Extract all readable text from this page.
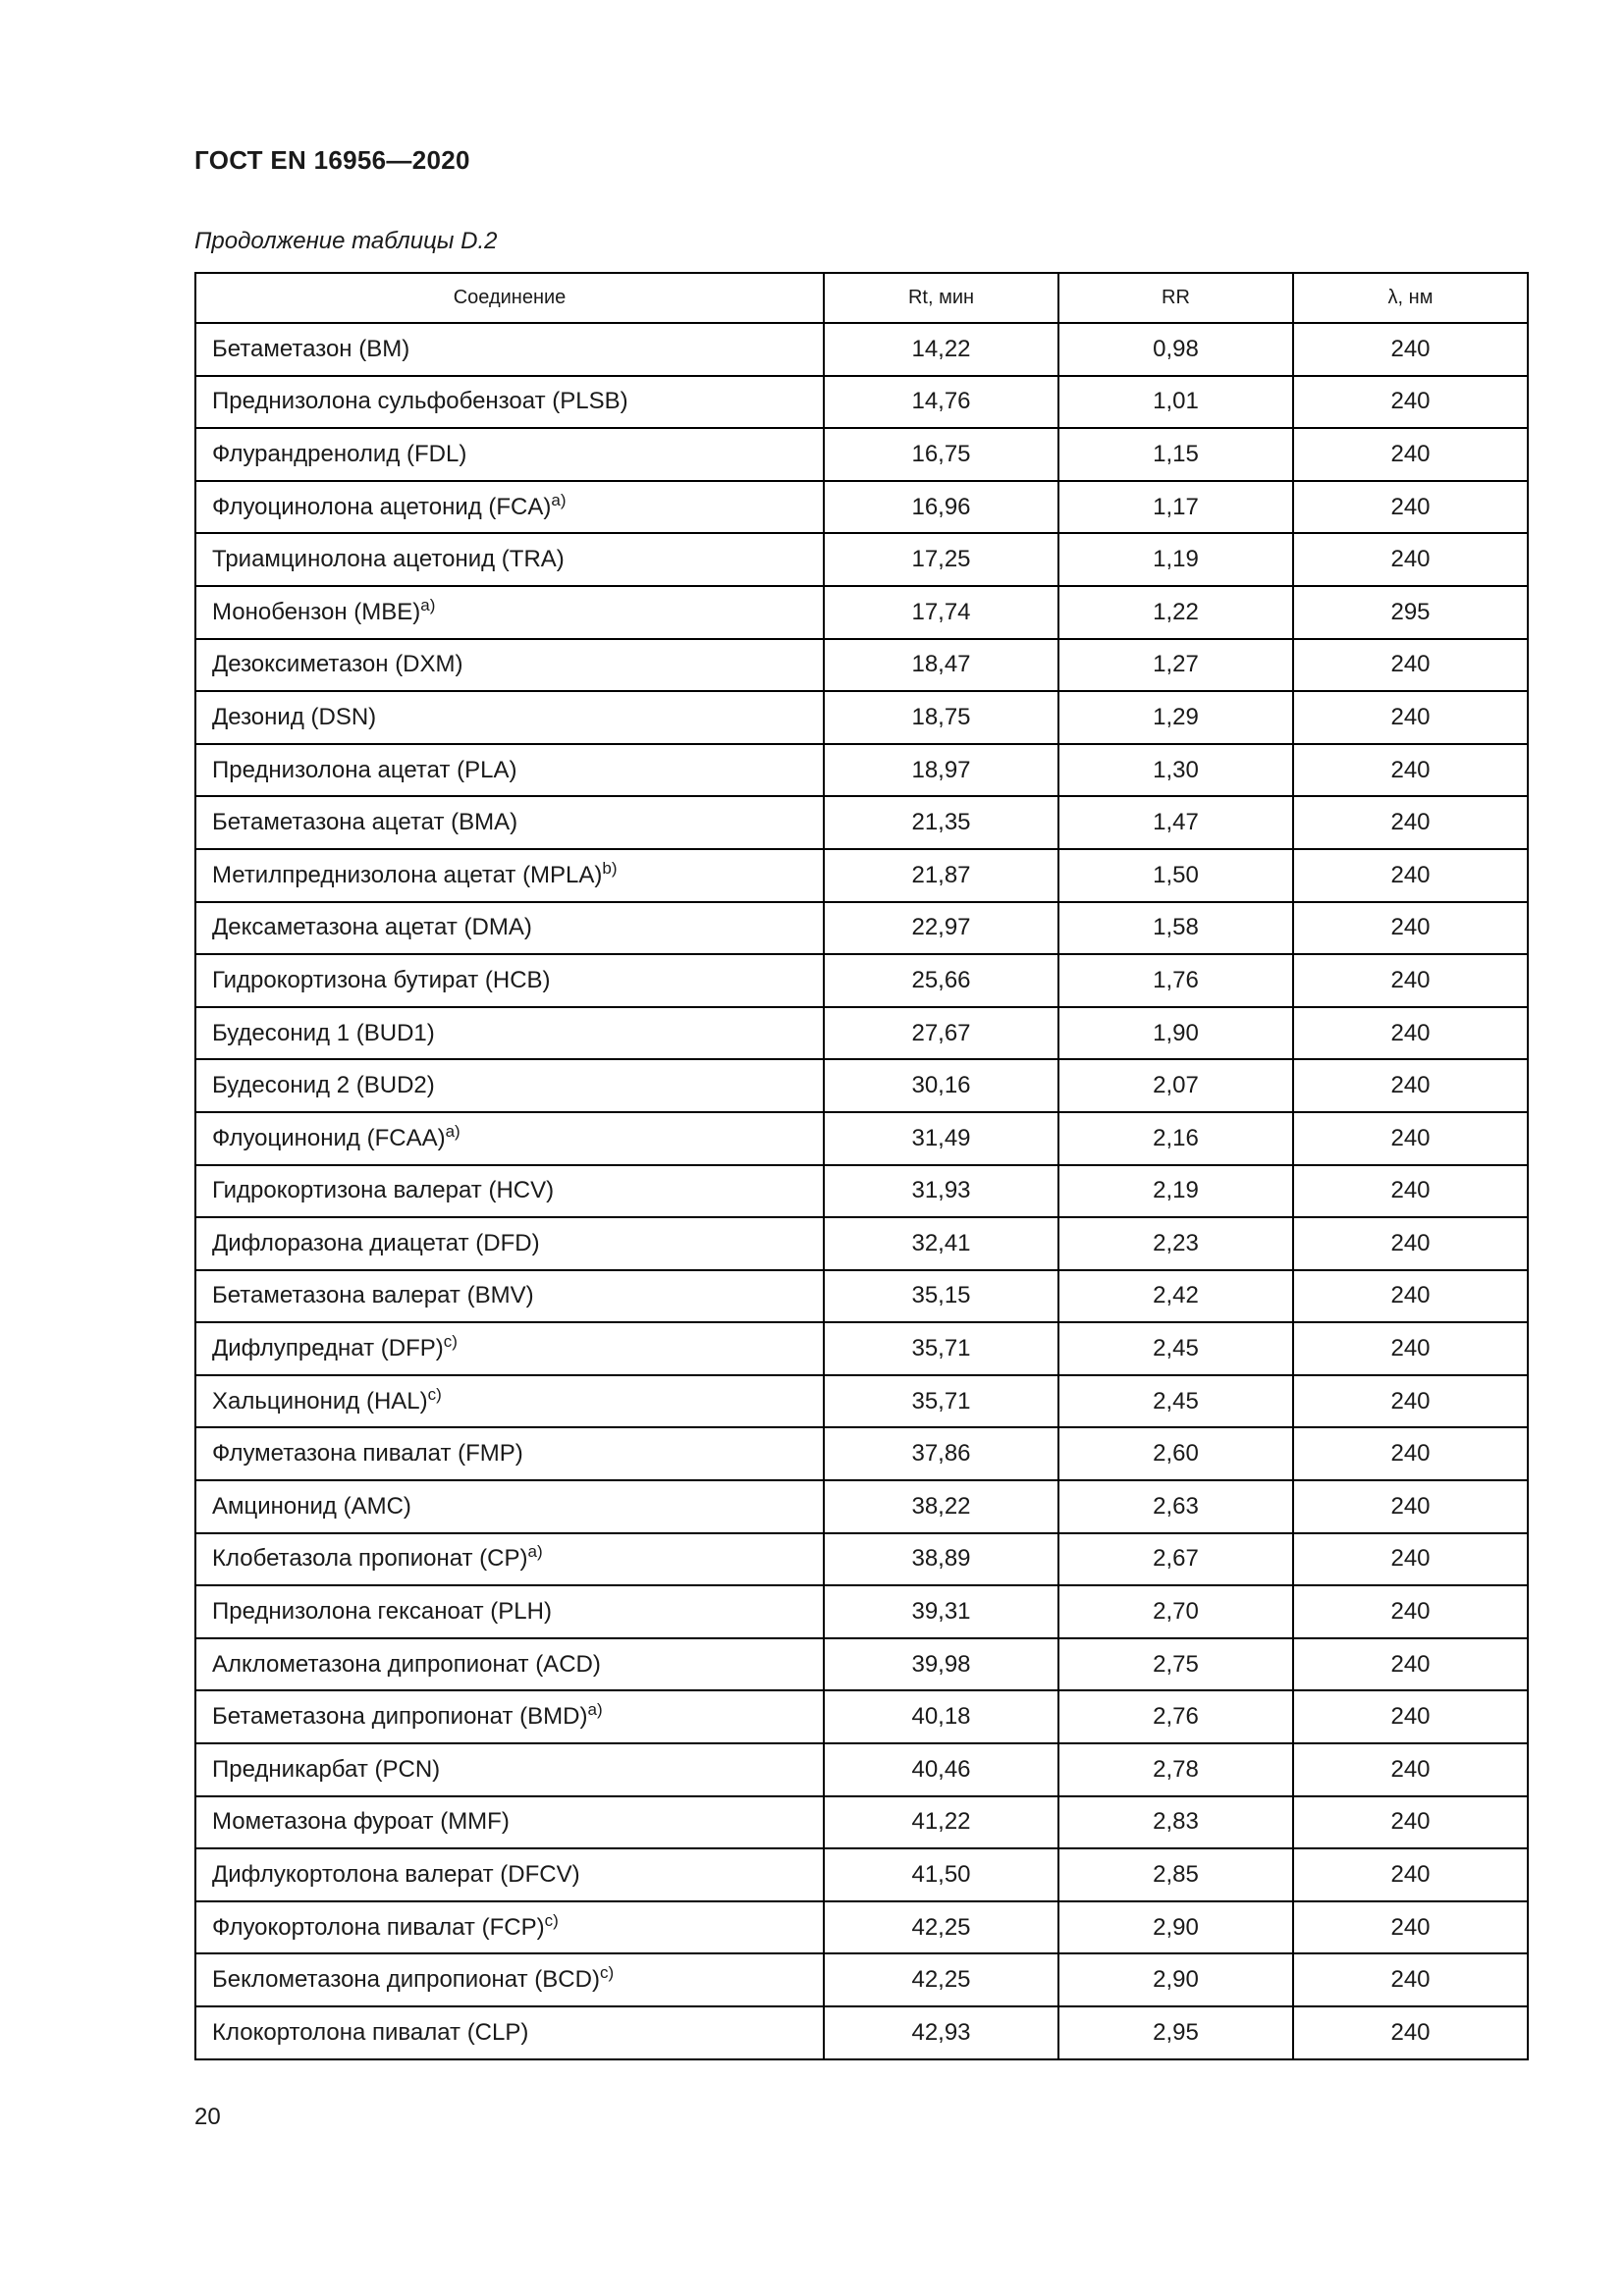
ГОСТ EN 16956—2020
Продолжение таблицы D.2
Соединение	Rt, мин	RR	λ, нм
Бетаметазон (BM)	14,22	0,98	240
Преднизолона сульфобензоат (PLSB)	14,76	1,01	240
Флурандренолид (FDL)	16,75	1,15	240
Флуоцинолона ацетонид (FCA)$^{a)}$	16,96	1,17	240
Триамцинолона ацетонид (TRA)	17,25	1,19	240
Монобензон (MBE)$^{a)}$	17,74	1,22	295
Дезоксиметазон (DXM)	18,47	1,27	240
Дезонид (DSN)	18,75	1,29	240
Преднизолона ацетат (PLA)	18,97	1,30	240
Бетаметазона ацетат (BMA)	21,35	1,47	240
Метилпреднизолона ацетат (MPLA)$^{b)}$	21,87	1,50	240
Дексаметазона ацетат (DMA)	22,97	1,58	240
Гидрокортизона бутират (HCB)	25,66	1,76	240
Будесонид 1 (BUD1)	27,67	1,90	240
Будесонид 2 (BUD2)	30,16	2,07	240
Флуоцинонид (FCAA)$^{a)}$	31,49	2,16	240
Гидрокортизона валерат (HCV)	31,93	2,19	240
Дифлоразона диацетат (DFD)	32,41	2,23	240
Бетаметазона валерат (BMV)	35,15	2,42	240
Дифлупреднат (DFP)$^{c)}$	35,71	2,45	240
Хальцинонид (HAL)$^{c)}$	35,71	2,45	240
Флуметазона пивалат (FMP)	37,86	2,60	240
Амцинонид (AMC)	38,22	2,63	240
Клобетазола пропионат (CP)$^{a)}$	38,89	2,67	240
Преднизолона гексаноат (PLH)	39,31	2,70	240
Алклометазона дипропионат (ACD)	39,98	2,75	240
Бетаметазона дипропионат (BMD)$^{a)}$	40,18	2,76	240
Предникарбат (PCN)	40,46	2,78	240
Мометазона фуроат (MMF)	41,22	2,83	240
Дифлукортолона валерат (DFCV)	41,50	2,85	240
Флуокортолона пивалат (FCP)$^{c)}$	42,25	2,90	240
Беклометазона дипропионат (BCD)$^{c)}$	42,25	2,90	240
Клокортолона пивалат (CLP)	42,93	2,95	240
20
